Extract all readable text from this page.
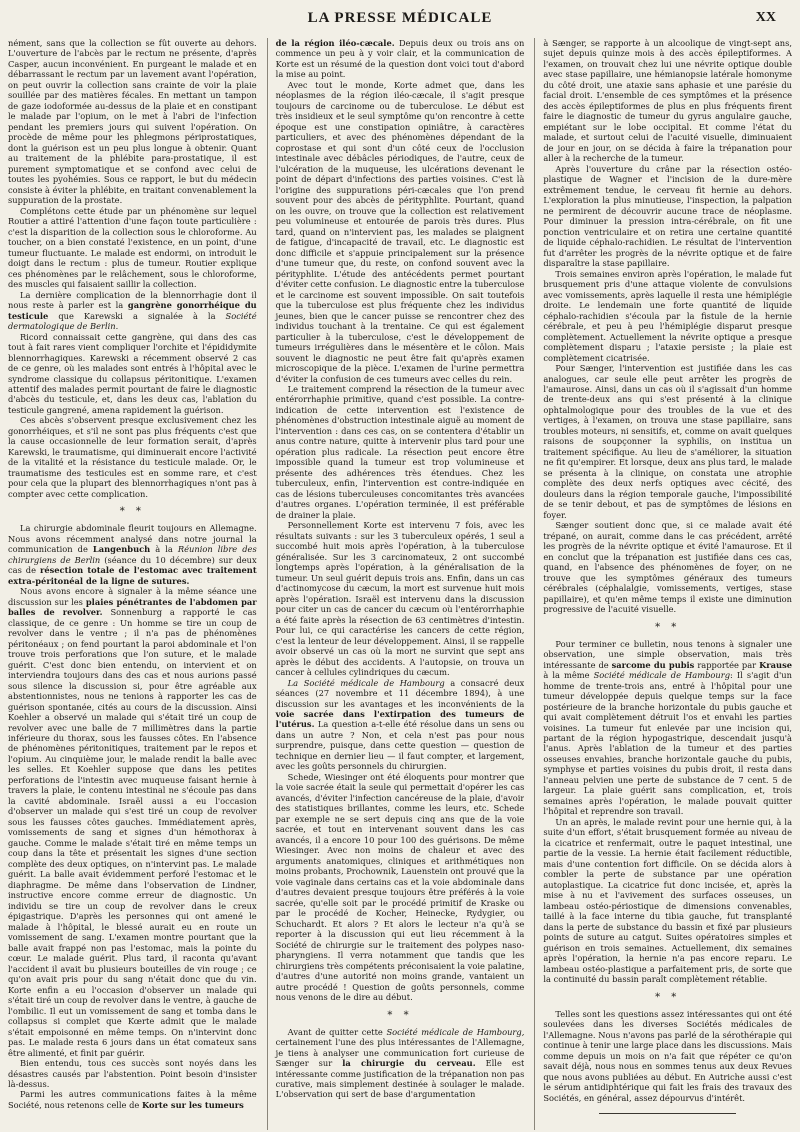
LA PRESSE MÉDICALE	XX

nément, sans que la collection se fût ouverte au dehors. L'ouverture de l'abcès par le rectum ne présente, d'après Casper, aucun inconvénient. En purgeant le malade et en débarrassant le rectum par un lavement avant l'opération, on peut ouvrir la collection sans crainte de voir la plaie souillée par des matières fécales. En mettant un tampon de gaze iodoformée au-dessus de la plaie et en constipant le malade par l'opium, on le met à l'abri de l'infection pendant les premiers jours qui suivent l'opération. On procède de même pour les phlegmons périprostatiques, dont la guérison est un peu plus longue à obtenir. Quant au traitement de la phlébite para-prostatique, il est purement symptomatique et se confond avec celui de toutes les pyohémies. Sous ce rapport, le but du médecin consiste à éviter la phlébite, en traitant convenablement la suppuration de la prostate.

Complétons cette étude par un phénomène sur lequel Routier a attiré l'attention d'une façon toute particulière : c'est la disparition de la collection sous le chloroforme. Au toucher, on a bien constaté l'existence, en un point, d'une tumeur fluctuante. Le malade est endormi, on introduit le doigt dans le rectum : plus de tumeur. Routier explique ces phénomènes par le relâchement, sous le chloroforme, des muscles qui faisaient saillir la collection.

La dernière complication de la blennorrhagie dont il nous reste à parler est la gangrène gonorrhéique du testicule que Karewski a signalée à la Société dermatologique de Berlin.

Ricord connaissait cette gangrène, qui dans des cas tout à fait rares vient compliquer l'orchite et l'épididymite blennorrhagiques. Karewski a récemment observé 2 cas de ce genre, où les malades sont entrés à l'hôpital avec le syndrome classique du collapsus péritonitique. L'examen attentif des malades permit pourtant de faire le diagnostic d'abcès du testicule, et, dans les deux cas, l'ablation du testicule gangrené, amena rapidement la guérison.

Ces abcès s'observent presque exclusivement chez les gonorrhéiques, et s'il ne sont pas plus fréquents c'est que la cause occasionnelle de leur formation serait, d'après Karewski, le traumatisme, qui diminuerait encore l'activité de la vitalité et la résistance du testicule malade. Or, le traumatisme des testicules est en somme rare, et c'est pour cela que la plupart des blennorrhagiques n'ont pas à compter avec cette complication.

* *

La chirurgie abdominale fleurit toujours en Allemagne. Nous avons récemment analysé dans notre journal la communication de Langenbuch à la Réunion libre des chirurgiens de Berlin (séance du 10 décembre) sur deux cas de résection totale de l'estomac avec traitement extra-péritonéal de la ligne de sutures.

Nous avons encore à signaler à la même séance une discussion sur les plaies pénétrantes de l'abdomen par balles de revolver. Sonnenburg a rapporté le cas classique, de ce genre : Un homme se tire un coup de revolver dans le ventre ; il n'a pas de phénomènes péritonéaux ; on fend pourtant la paroi abdominale et l'on trouve trois perforations que l'on suture, et le malade guérit. C'est donc bien entendu, on intervient et on interviendra toujours dans des cas et nous aurions passé sous silence la discussion si, pour être agréable aux abstentionnistes, nous ne tenions à rapporter les cas de guérison spontanée, cités au cours de la discussion. Ainsi Koehler a observé un malade qui s'était tiré un coup de revolver avec une balle de 7 millimètres dans la partie inférieure du thorax, sous les fausses côtes. En l'absence de phénomènes péritonitiques, traitement par le repos et l'opium. Au cinquième jour, le malade rendit la balle avec les selles. Et Koehler suppose que dans les petites perforations de l'intestin avec muqueuse faisant hernie à travers la plaie, le contenu intestinal ne s'écoule pas dans la cavité abdominale. Israël aussi a eu l'occasion d'observer un malade qui s'est tiré un coup de revolver sous les fausses côtes gauches. Immédiatement après, vomissements de sang et signes d'un hémothorax à gauche. Comme le malade s'était tiré en même temps un coup dans la tête et présentait les signes d'une section complète des deux optiques, on n'intervint pas. Le malade guérit. La balle avait évidemment perforé l'estomac et le diaphragme. De même dans l'observation de Lindner, instructive encore comme erreur de diagnostic. Un individu se tire un coup de revolver dans le creux épigastrique. D'après les personnes qui ont amené le malade à l'hôpital, le blessé aurait eu en route un vomissement de sang. L'examen montre pourtant que la balle avait frappé non pas l'estomac, mais la pointe du cœur. Le malade guérit. Plus tard, il raconta qu'avant l'accident il avait bu plusieurs bouteilles de vin rouge ; ce qu'on avait pris pour du sang n'était donc que du vin. Korte enfin a eu l'occasion d'observer un malade qui s'était tiré un coup de revolver dans le ventre, à gauche de l'ombilic. Il eut un vomissement de sang et tomba dans le collapsus si complet que Kœrte admit que le malade s'était empoisonné en même temps. On n'intervint donc pas. Le malade resta 6 jours dans un état comateux sans être alimenté, et finit par guérir.

Bien entendu, tous ces succès sont noyés dans les désastres causés par l'abstention. Point besoin d'insister là-dessus.

Parmi les autres communications faites à la même Société, nous retenons celle de Korte sur les tumeurs

de la région iléo-cæcale. Depuis deux ou trois ans on commence un peu à y voir clair, et la communication de Korte est un résumé de la question dont voici tout d'abord la mise au point.

Avec tout le monde, Korte admet que, dans les néoplasmes de la région iléo-cæcale, il s'agit presque toujours de carcinome ou de tuberculose. Le début est très insidieux et le seul symptôme qu'on rencontre à cette époque est une constipation opiniâtre, à caractères particuliers, et avec des phénomènes dépendant de la coprostase et qui sont d'un côté ceux de l'occlusion intestinale avec débâcles périodiques, de l'autre, ceux de l'ulcération de la muqueuse, les ulcérations devenant le point de départ d'infections des parties voisines. C'est là l'origine des suppurations péri-cæcales que l'on prend souvent pour des abcès de pérityphlite. Pourtant, quand on les ouvre, on trouve que la collection est relativement peu volumineuse et entourée de parois très dures. Plus tard, quand on n'intervient pas, les malades se plaignent de fatigue, d'incapacité de travail, etc. Le diagnostic est donc difficile et s'appuie principalement sur la présence d'une tumeur que, du reste, on confond souvent avec la pérityphlite. L'étude des antécédents permet pourtant d'éviter cette confusion. Le diagnostic entre la tuberculose et le carcinome est souvent impossible. On sait toutefois que la tuberculose est plus fréquente chez les individus jeunes, bien que le cancer puisse se rencontrer chez des individus touchant à la trentaine. Ce qui est également particulier à la tuberculose, c'est le développement de tumeurs irrégulières dans le mésentère et le côlon. Mais souvent le diagnostic ne peut être fait qu'après examen microscopique de la pièce. L'examen de l'urine permettra d'éviter la confusion de ces tumeurs avec celles du rein.

Le traitement comprend la résection de la tumeur avec entérorrhaphie primitive, quand c'est possible. La contre-indication de cette intervention est l'existence de phénomènes d'obstruction intestinale aiguë au moment de l'intervention : dans ces cas, on se contentera d'établir un anus contre nature, quitte à intervenir plus tard pour une opération plus radicale. La résection peut encore être impossible quand la tumeur est trop volumineuse et présente des adhérences très étendues. Chez les tuberculeux, enfin, l'intervention est contre-indiquée en cas de lésions tuberculeuses concomitantes très avancées d'autres organes. L'opération terminée, il est préférable de drainer la plaie.

Personnellement Korte est intervenu 7 fois, avec les résultats suivants : sur les 3 tuberculeux opérés, 1 seul a succombé huit mois après l'opération, à la tuberculose généralisée. Sur les 3 carcinomateux, 2 ont succombé longtemps après l'opération, à la généralisation de la tumeur. Un seul guérit depuis trois ans. Enfin, dans un cas d'actinomycose du cæcum, la mort est survenue huit mois après l'opération. Israël est intervenu dans la discussion pour citer un cas de cancer du cæcum où l'entérorrhaphie a été faite après la résection de 63 centimètres d'intestin. Pour lui, ce qui caractérise les cancers de cette région, c'est la lenteur de leur développement. Ainsi, il se rappelle avoir observé un cas où la mort ne survint que sept ans après le début des accidents. A l'autopsie, on trouva un cancer à cellules cylindriques du cæcum.

La Société médicale de Hambourg a consacré deux séances (27 novembre et 11 décembre 1894), à une discussion sur les avantages et les inconvénients de la voie sacrée dans l'extirpation des tumeurs de l'utérus. La question a-t-elle été résolue dans un sens ou dans un autre ? Non, et cela n'est pas pour nous surprendre, puisque, dans cette question — question de technique en dernier lieu — il faut compter, et largement, avec les goûts personnels du chirurgien.

Schede, Wiesinger ont été éloquents pour montrer que la voie sacrée était la seule qui permettait d'opérer les cas avancés, d'éviter l'infection cancéreuse de la plaie, d'avoir des statistiques brillantes, comme les leurs, etc. Schede par exemple ne se sert depuis cinq ans que de la voie sacrée, et tout en intervenant souvent dans les cas avancés, il a encore 10 pour 100 des guérisons. De même Wiesinger. Avec non moins de chaleur et avec des arguments anatomiques, cliniques et arithmétiques non moins probants, Prochownik, Lauenstein ont prouvé que la voie vaginale dans certains cas et la voie abdominale dans d'autres devaient presque toujours être préférés à la voie sacrée, qu'elle soit par le procédé primitif de Kraske ou par le procédé de Kocher, Heinecke, Rydygier, ou Schuchardt. Et alors ? Et alors le lecteur n'a qu'à se reporter à la discussion qui eut lieu récemment à la Société de chirurgie sur le traitement des polypes naso-pharyngiens. Il verra notamment que tandis que les chirurgiens très compétents préconisaient la voie palatine, d'autres d'une autorité non moins grande, vantaient un autre procédé ! Question de goûts personnels, comme nous venons de le dire au début.

* *

Avant de quitter cette Société médicale de Hambourg, certainement l'une des plus intéressantes de l'Allemagne, je tiens à analyser une communication fort curieuse de Sænger sur la chirurgie du cerveau. Elle est intéressante comme justification de la trépanation non pas curative, mais simplement destinée à soulager le malade. L'observation qui sert de base d'argumentation

à Sænger, se rapporte à un alcoolique de vingt-sept ans, sujet depuis quinze mois à des accès épileptiformes. A l'examen, on trouvait chez lui une névrite optique double avec stase papillaire, une hémianopsie latérale homonyme du côté droit, une ataxie sans aphasie et une parésie du facial droit. L'ensemble de ces symptômes et la présence des accès épileptiformes de plus en plus fréquents firent faire le diagnostic de tumeur du gyrus angulaire gauche, empiétant sur le lobe occipital. Et comme l'état du malade, et surtout celui de l'acuité visuelle, diminuaient de jour en jour, on se décida à faire la trépanation pour aller à la recherche de la tumeur.

Après l'ouverture du crâne par la résection ostéo-plastique de Wagner et l'incision de la dure-mère extrêmement tendue, le cerveau fit hernie au dehors. L'exploration la plus minutieuse, l'inspection, la palpation ne permirent de découvrir aucune trace de néoplasme. Pour diminuer la pression intra-cérébrale, on fit une ponction ventriculaire et on retira une certaine quantité de liquide céphalo-rachidien. Le résultat de l'intervention fut d'arrêter les progrès de la névrite optique et de faire disparaître la stase papillaire.

Trois semaines environ après l'opération, le malade fut brusquement pris d'une attaque violente de convulsions avec vomissements, après laquelle il resta une hémiplégie droite. Le lendemain une forte quantité de liquide céphalo-rachidien s'écoula par la fistule de la hernie cérébrale, et peu à peu l'hémiplégie disparut presque complètement. Actuellement la névrite optique a presque complètement disparu ; l'ataxie persiste ; la plaie est complètement cicatrisée.

Pour Sænger, l'intervention est justifiée dans les cas analogues, car seule elle peut arrêter les progrès de l'amaurose. Ainsi, dans un cas où il s'agissait d'un homme de trente-deux ans qui s'est présenté à la clinique ophtalmologique pour des troubles de la vue et des vertiges, à l'examen, on trouva une stase papillaire, sans troubles moteurs, ni sensitifs, et, comme on avait quelques raisons de soupçonner la syphilis, on institua un traitement spécifique. Au lieu de s'améliorer, la situation ne fit qu'empirer. Et lorsque, deux ans plus tard, le malade se présenta à la clinique, on constata une atrophie complète des deux nerfs optiques avec cécité, des douleurs dans la région temporale gauche, l'impossibilité de se tenir debout, et pas de symptômes de lésions en foyer.

Sænger soutient donc que, si ce malade avait été trépané, on aurait, comme dans le cas précédent, arrêté les progrès de la névrite optique et évité l'amaurose. Et il en conclut que la trépanation est justifiée dans ces cas, quand, en l'absence des phénomènes de foyer, on ne trouve que les symptômes généraux des tumeurs cérébrales (céphalalgie, vomissements, vertiges, stase papillaire), et qu'en même temps il existe une diminution progressive de l'acuité visuelle.

* *

Pour terminer ce bulletin, nous tenons à signaler une observation, une simple observation, mais très intéressante de sarcome du pubis rapportée par Krause à la même Société médicale de Hambourg: Il s'agit d'un homme de trente-trois ans, entré à l'hôpital pour une tumeur développée depuis quelque temps sur la face postérieure de la branche horizontale du pubis gauche et qui avait complètement détruit l'os et envahi les parties voisines. La tumeur fut enlevée par une incision qui, partant de la région hypogastrique, descendait jusqu'à l'anus. Après l'ablation de la tumeur et des parties osseuses envahies, branche horizontale gauche du pubis, symphyse et parties voisines du pubis droit, il resta dans l'anneau pelvien une perte de substance de 7 cent. 5 de largeur. La plaie guérit sans complication, et, trois semaines après l'opération, le malade pouvait quitter l'hôpital et reprendre son travail.

Un an après, le malade revint pour une hernie qui, à la suite d'un effort, s'était brusquement formée au niveau de la cicatrice et renfermait, outre le paquet intestinal, une partie de la vessie. La hernie était facilement réductible, mais d'une contention fort difficile. On se décida alors à combler la perte de substance par une opération autoplastique. La cicatrice fut donc incisée, et, après la mise à nu et l'avivement des surfaces osseuses, un lambeau ostéo-périostique de dimensions convenables, taillé à la face interne du tibia gauche, fut transplanté dans la perte de substance du bassin et fixé par plusieurs points de suture au catgut. Suites opératoires simples et guérison en trois semaines. Actuellement, dix semaines après l'opération, la hernie n'a pas encore reparu. Le lambeau ostéo-plastique a parfaitement pris, de sorte que la continuité du bassin paraît complètement rétablie.

* *

Telles sont les questions assez intéressantes qui ont été soulevées dans les diverses Sociétés médicales de l'Allemagne. Nous n'avons pas parlé de la sérothérapie qui continue à tenir une large place dans les discussions. Mais comme depuis un mois on n'a fait que répéter ce qu'on savait déjà, nous nous en sommes tenus aux deux Revues que nous avons publiées au début. En Autriche aussi c'est le sérum antidiphtérique qui fait les frais des travaux des Sociétés, en général, assez dépourvus d'intérêt.
